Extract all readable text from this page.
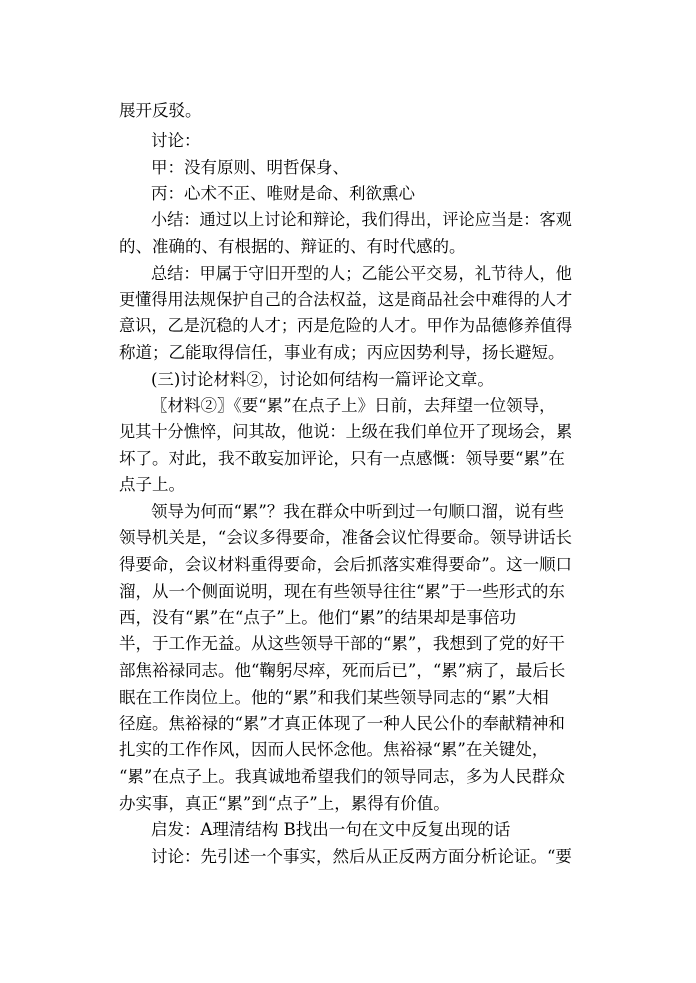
展开反驳。
讨论：
甲：没有原则、明哲保身、
丙：心术不正、唯财是命、利欲熏心
小结：通过以上讨论和辩论，我们得出，评论应当是：客观
的、准确的、有根据的、辩证的、有时代感的。
总结：甲属于守旧开型的人；乙能公平交易，礼节待人，他
更懂得用法规保护自己的合法权益，这是商品社会中难得的人才
意识，乙是沉稳的人才；丙是危险的人才。甲作为品德修养值得
称道；乙能取得信任，事业有成；丙应因势利导，扬长避短。
(三)讨论材料②，讨论如何结构一篇评论文章。
〖材料②〗《要“累”在点子上》日前，去拜望一位领导，
见其十分憔悴，问其故，他说：上级在我们单位开了现场会，累
坏了。对此，我不敢妄加评论，只有一点感慨：领导要“累”在
点子上。
领导为何而“累”？我在群众中听到过一句顺口溜，说有些
领导机关是，“会议多得要命，准备会议忙得要命。领导讲话长
得要命，会议材料重得要命，会后抓落实难得要命”。这一顺口
溜，从一个侧面说明，现在有些领导往往“累”于一些形式的东
西，没有“累”在“点子”上。他们“累”的结果却是事倍功
半，于工作无益。从这些领导干部的“累”，我想到了党的好干
部焦裕禄同志。他“鞠躬尽瘁，死而后已”，“累”病了，最后长
眠在工作岗位上。他的“累”和我们某些领导同志的“累”大相
径庭。焦裕禄的“累”才真正体现了一种人民公仆的奉献精神和
扎实的工作作风，因而人民怀念他。焦裕禄“累”在关键处，
“累”在点子上。我真诚地希望我们的领导同志，多为人民群众
办实事，真正“累”到“点子”上，累得有价值。
启发：A理清结构 B找出一句在文中反复出现的话
讨论：先引述一个事实，然后从正反两方面分析论证。“要
